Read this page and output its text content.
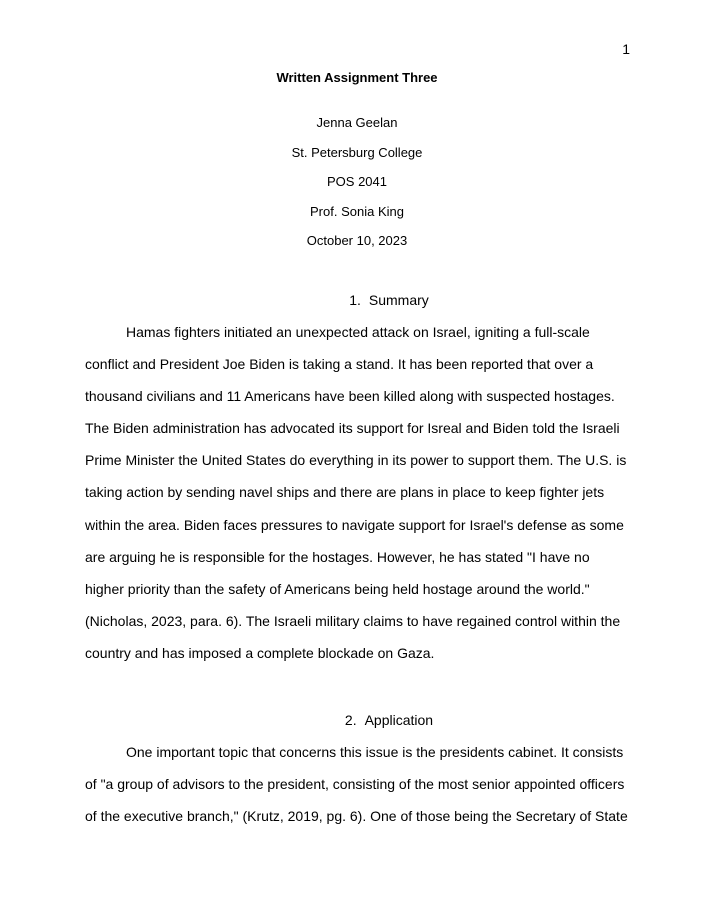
1
Written Assignment Three
Jenna Geelan
St. Petersburg College
POS 2041
Prof. Sonia King
October 10, 2023
1. Summary
Hamas fighters initiated an unexpected attack on Israel, igniting a full-scale
conflict and President Joe Biden is taking a stand. It has been reported that over a
thousand civilians and 11 Americans have been killed along with suspected hostages.
The Biden administration has advocated its support for Isreal and Biden told the Israeli
Prime Minister the United States do everything in its power to support them. The U.S. is
taking action by sending navel ships and there are plans in place to keep fighter jets
within the area. Biden faces pressures to navigate support for Israel's defense as some
are arguing he is responsible for the hostages. However, he has stated "I have no
higher priority than the safety of Americans being held hostage around the world."
(Nicholas, 2023, para. 6). The Israeli military claims to have regained control within the
country and has imposed a complete blockade on Gaza.
2. Application
One important topic that concerns this issue is the presidents cabinet. It consists
of "a group of advisors to the president, consisting of the most senior appointed officers
of the executive branch," (Krutz, 2019, pg. 6). One of those being the Secretary of State
